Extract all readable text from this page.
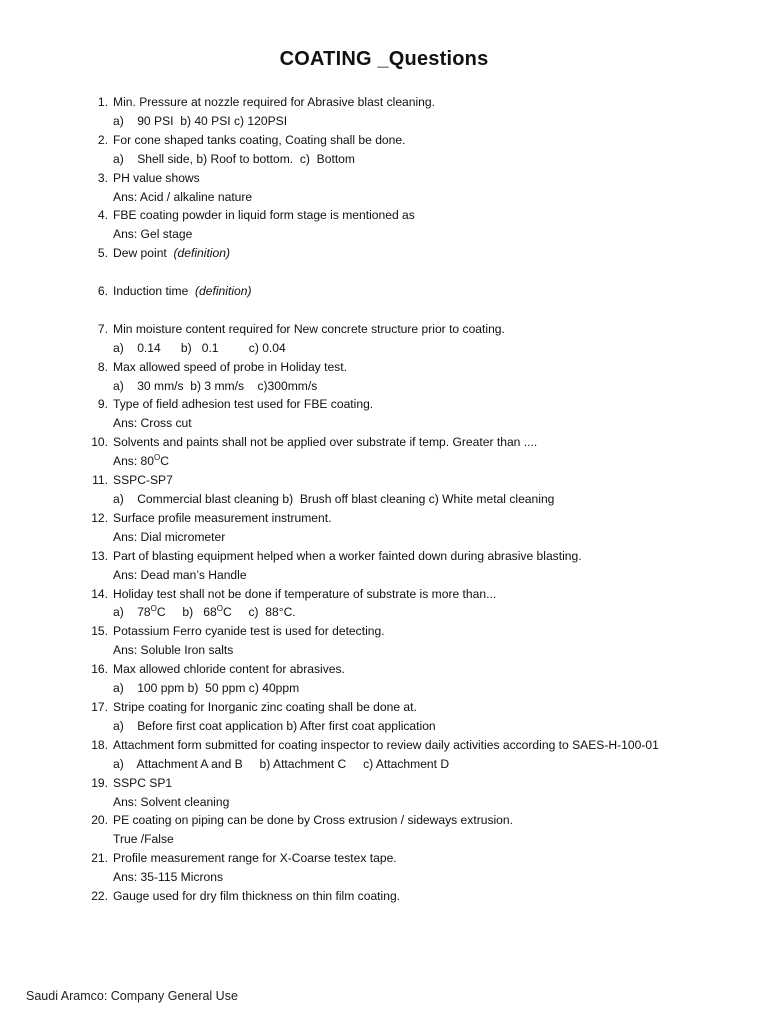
COATING _Questions
1. Min. Pressure at nozzle required for Abrasive blast cleaning.
a)    90 PSI  b) 40 PSI c) 120PSI
2. For cone shaped tanks coating, Coating shall be done.
a)    Shell side, b) Roof to bottom.  c)  Bottom
3. PH value shows
Ans: Acid / alkaline nature
4. FBE coating powder in liquid form stage is mentioned as
Ans: Gel stage
5. Dew point  (definition)
6. Induction time  (definition)
7. Min moisture content required for New concrete structure prior to coating.
a)    0.14      b)   0.1         c) 0.04
8. Max allowed speed of probe in Holiday test.
a)    30 mm/s  b) 3 mm/s    c)300mm/s
9. Type of field adhesion test used for FBE coating.
Ans: Cross cut
10. Solvents and paints shall not be applied over substrate if temp. Greater than ....
Ans: $80^OC$
11. SSPC-SP7
a)    Commercial blast cleaning b)  Brush off blast cleaning c) White metal cleaning
12. Surface profile measurement instrument.
Ans: Dial micrometer
13. Part of blasting equipment helped when a worker fainted down during abrasive blasting.
Ans: Dead man’s Handle
14. Holiday test shall not be done if temperature of substrate is more than...
a)    $78^OC$     b)   $68^OC$     c)  88°C.
15. Potassium Ferro cyanide test is used for detecting.
Ans: Soluble Iron salts
16. Max allowed chloride content for abrasives.
a)    100 ppm b)  50 ppm c) 40ppm
17. Stripe coating for Inorganic zinc coating shall be done at.
a)    Before first coat application b) After first coat application
18. Attachment form submitted for coating inspector to review daily activities according to SAES-H-100-01
a)    Attachment A and B     b) Attachment C     c) Attachment D
19. SSPC SP1
Ans: Solvent cleaning
20. PE coating on piping can be done by Cross extrusion / sideways extrusion.
True /False
21. Profile measurement range for X-Coarse testex tape.
Ans: 35-115 Microns
22. Gauge used for dry film thickness on thin film coating.
Saudi Aramco: Company General Use
